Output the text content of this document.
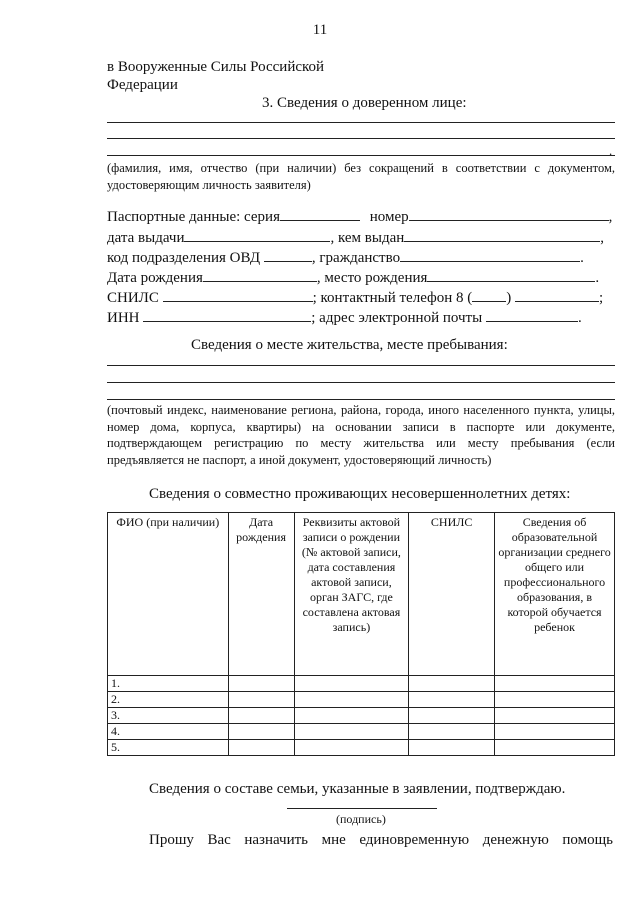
11
в Вооруженные Силы Российской
Федерации
3. Сведения о доверенном лице:
.
(фамилия, имя, отчество (при наличии) без сокращений в соответствии с документом, удостоверяющим личность заявителя)
Паспортные данные: серия	номер	,
дата выдачи	, кем выдан	,
код подразделения ОВД	, гражданство	.
Дата рождения	, место рождения	.
СНИЛС	; контактный телефон 8 ( )	;
ИНН	; адрес электронной почты	.
Сведения о месте жительства, месте пребывания:
(почтовый индекс, наименование региона, района, города, иного населенного пункта, улицы, номер дома, корпуса, квартиры) на основании записи в паспорте или документе, подтверждающем регистрацию по месту жительства или месту пребывания (если предъявляется не паспорт, а иной документ, удостоверяющий личность)
Сведения о совместно проживающих несовершеннолетних детях:
ФИО (при наличии)	Дата рождения	Реквизиты актовой записи о рождении (№ актовой записи, дата составления актовой записи, орган ЗАГС, где составлена актовая запись)	СНИЛС	Сведения об образовательной организации среднего общего или профессионального образования, в которой обучается ребенок
1.				
2.				
3.				
4.				
5.				
Сведения о составе семьи, указанные в заявлении, подтверждаю.
(подпись)
Прошу Вас назначить мне единовременную денежную помощь
